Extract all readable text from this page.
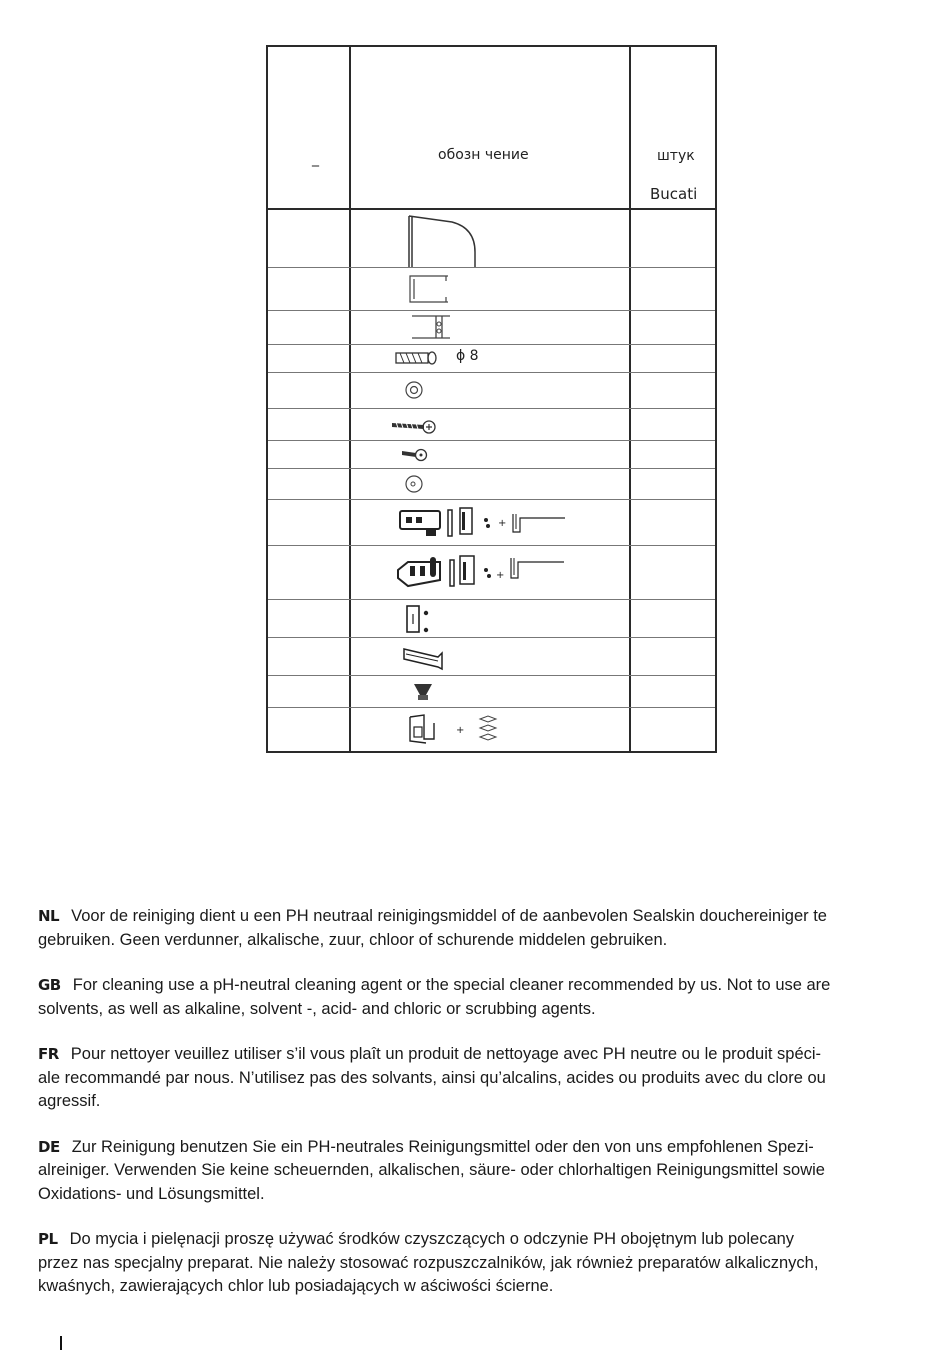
_	обозн чение	штук
Bucati
ϕ 8
+
+
+
NL Voor de reiniging dient u een PH neutraal reinigingsmiddel of de aanbevolen Sealskin douchereiniger te
gebruiken. Geen verdunner, alkalische, zuur, chloor of schurende middelen gebruiken.
GB For cleaning use a pH-neutral cleaning agent or the special cleaner recommended by us. Not to use are
solvents, as well as alkaline, solvent -, acid- and chloric or scrubbing agents.
FR Pour nettoyer veuillez utiliser s’il vous plaît un produit de nettoyage avec PH neutre ou le produit spéci-
ale recommandé par nous. N’utilisez pas des solvants, ainsi qu’alcalins, acides ou produits avec du clore ou
agressif.
DE Zur Reinigung benutzen Sie ein PH-neutrales Reinigungsmittel oder den von uns empfohlenen Spezi-
alreiniger. Verwenden Sie keine scheuernden, alkalischen, säure- oder chlorhaltigen Reinigungsmittel sowie
Oxidations- und Lösungsmittel.
PL Do mycia i pielęnacji proszę używać środków czyszczących o odczynie PH obojętnym lub polecany
przez nas specjalny preparat. Nie należy stosować rozpuszczalników, jak również preparatów alkalicznych,
kwaśnych, zawierających chlor lub posiadających w aściwości ścierne.
